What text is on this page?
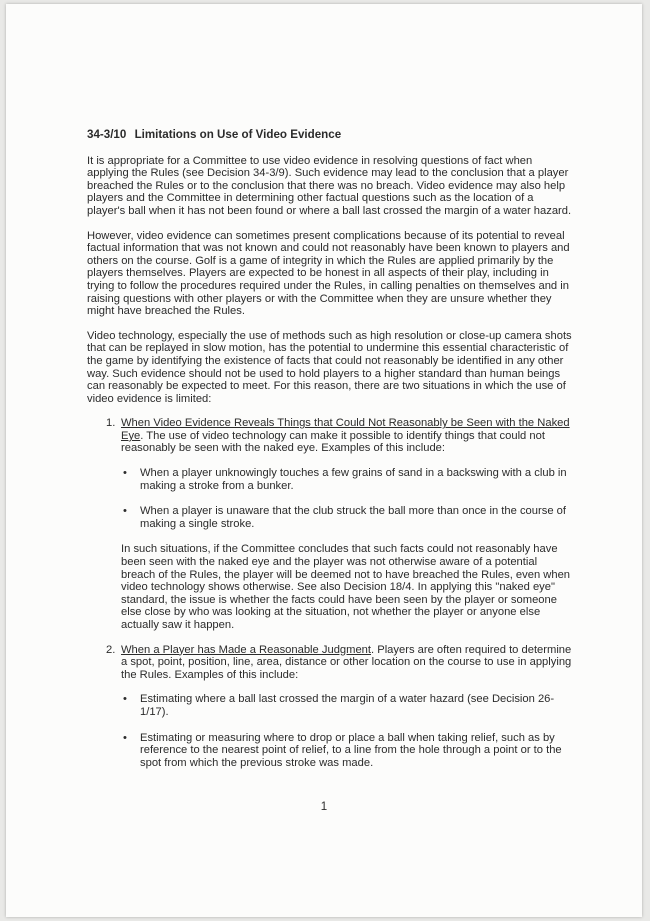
34-3/10 Limitations on Use of Video Evidence

It is appropriate for a Committee to use video evidence in resolving questions of fact when applying the Rules (see Decision 34-3/9). Such evidence may lead to the conclusion that a player breached the Rules or to the conclusion that there was no breach. Video evidence may also help players and the Committee in determining other factual questions such as the location of a player's ball when it has not been found or where a ball last crossed the margin of a water hazard.

However, video evidence can sometimes present complications because of its potential to reveal factual information that was not known and could not reasonably have been known to players and others on the course. Golf is a game of integrity in which the Rules are applied primarily by the players themselves. Players are expected to be honest in all aspects of their play, including in trying to follow the procedures required under the Rules, in calling penalties on themselves and in raising questions with other players or with the Committee when they are unsure whether they might have breached the Rules.

Video technology, especially the use of methods such as high resolution or close-up camera shots that can be replayed in slow motion, has the potential to undermine this essential characteristic of the game by identifying the existence of facts that could not reasonably be identified in any other way. Such evidence should not be used to hold players to a higher standard than human beings can reasonably be expected to meet. For this reason, there are two situations in which the use of video evidence is limited:

1. When Video Evidence Reveals Things that Could Not Reasonably be Seen with the Naked Eye. The use of video technology can make it possible to identify things that could not reasonably be seen with the naked eye. Examples of this include:
• When a player unknowingly touches a few grains of sand in a backswing with a club in making a stroke from a bunker.
• When a player is unaware that the club struck the ball more than once in the course of making a single stroke.

In such situations, if the Committee concludes that such facts could not reasonably have been seen with the naked eye and the player was not otherwise aware of a potential breach of the Rules, the player will be deemed not to have breached the Rules, even when video technology shows otherwise. See also Decision 18/4. In applying this "naked eye" standard, the issue is whether the facts could have been seen by the player or someone else close by who was looking at the situation, not whether the player or anyone else actually saw it happen.

2. When a Player has Made a Reasonable Judgment. Players are often required to determine a spot, point, position, line, area, distance or other location on the course to use in applying the Rules. Examples of this include:
• Estimating where a ball last crossed the margin of a water hazard (see Decision 26-1/17).
• Estimating or measuring where to drop or place a ball when taking relief, such as by reference to the nearest point of relief, to a line from the hole through a point or to the spot from which the previous stroke was made.
1
